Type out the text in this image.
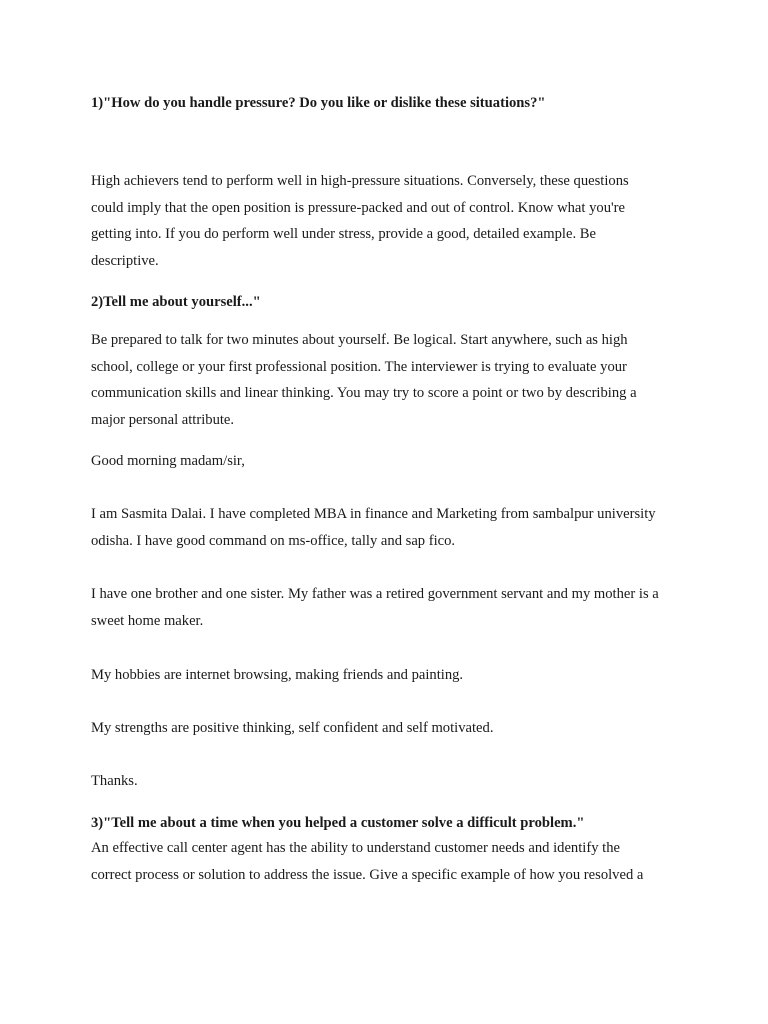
1)"How do you handle pressure? Do you like or dislike these situations?"

High achievers tend to perform well in high-pressure situations. Conversely, these questions
could imply that the open position is pressure-packed and out of control. Know what you're
getting into. If you do perform well under stress, provide a good, detailed example. Be
descriptive.

2)Tell me about yourself..."

Be prepared to talk for two minutes about yourself. Be logical. Start anywhere, such as high
school, college or your first professional position. The interviewer is trying to evaluate your
communication skills and linear thinking. You may try to score a point or two by describing a
major personal attribute.

Good morning madam/sir,

I am Sasmita Dalai. I have completed MBA in finance and Marketing from sambalpur university
odisha. I have good command on ms-office, tally and sap fico.

I have one brother and one sister. My father was a retired government servant and my mother is a
sweet home maker.

My hobbies are internet browsing, making friends and painting.

My strengths are positive thinking, self confident and self motivated.

Thanks.

3)"Tell me about a time when you helped a customer solve a difficult problem."

An effective call center agent has the ability to understand customer needs and identify the
correct process or solution to address the issue. Give a specific example of how you resolved a
